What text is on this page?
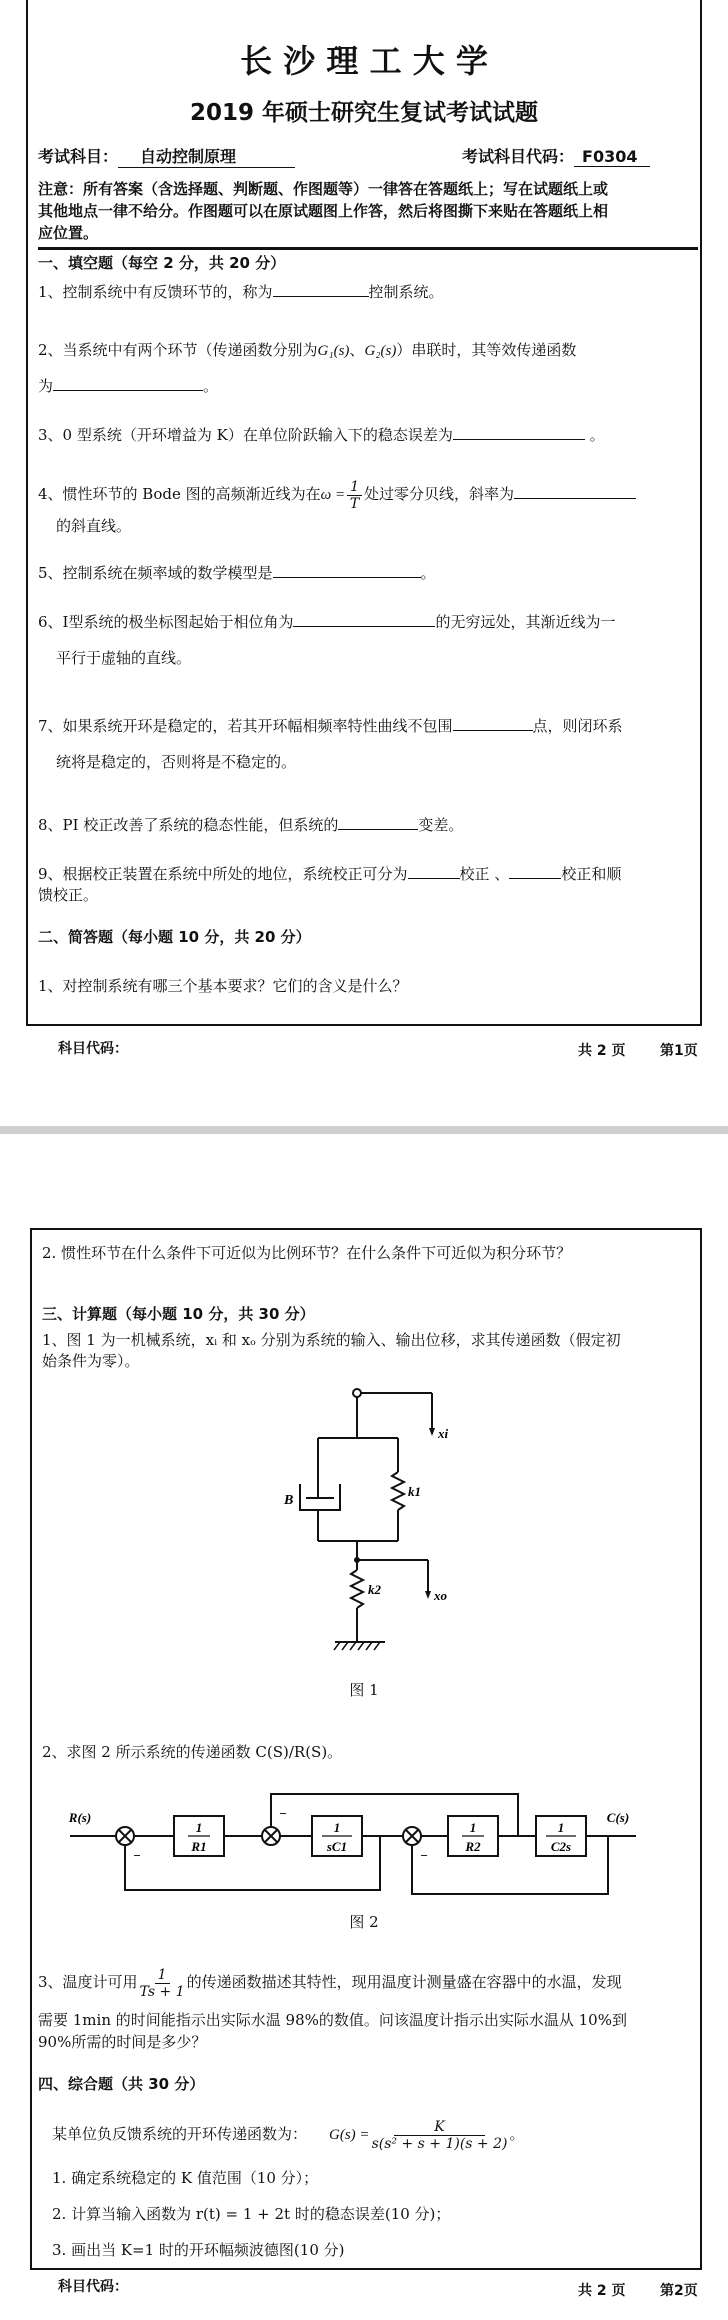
长 沙 理 工 大 学
2019 年硕士研究生复试考试试题
考试科目： 自动控制原理	考试科目代码： F0304
注意：所有答案（含选择题、判断题、作图题等）一律答在答题纸上；写在试题纸上或
其他地点一律不给分。作图题可以在原试题图上作答，然后将图撕下来贴在答题纸上相
应位置。
一、填空题（每空 2 分，共 20 分）
1、控制系统中有反馈环节的，称为	控制系统。
2、当系统中有两个环节（传递函数分别为G₁(s)、G₂(s)）串联时，其等效传递函数
为	。
3、0 型系统（开环增益为 K）在单位阶跃输入下的稳态误差为	。
4、惯性环节的 Bode 图的高频渐近线为在$\omega = \frac{1}{T}$ 处过零分贝线，斜率为
的斜直线。
5、控制系统在频率域的数学模型是	。
6、Ⅰ型系统的极坐标图起始于相位角为	的无穷远处，其渐近线为一
平行于虚轴的直线。
7、如果系统开环是稳定的，若其开环幅相频率特性曲线不包围	点，则闭环系
统将是稳定的，否则将是不稳定的。
8、PI 校正改善了系统的稳态性能，但系统的	变差。
9、根据校正装置在系统中所处的地位，系统校正可分为	校正 、	校正和顺
馈校正。
二、简答题（每小题 10 分，共 20 分）
1、对控制系统有哪三个基本要求？它们的含义是什么？
科目代码：	共 2 页 第1页
2. 惯性环节在什么条件下可近似为比例环节？在什么条件下可近似为积分环节？
三、计算题（每小题 10 分，共 30 分）
1、图 1 为一机械系统，xᵢ 和 xₒ 分别为系统的输入、输出位移，求其传递函数（假定初
始条件为零）。
xi
xo
B
k1
k2
图 1
2、求图 2 所示系统的传递函数 C(S)/R(S)。
R(s)	C(s)
1
R1
1
sC1
1
R2
1
C2s
−
−
−
图 2
3、温度计可用 $\frac{1}{Ts + 1}$ 的传递函数描述其特性，现用温度计测量盛在容器中的水温，发现
需要 1min 的时间能指示出实际水温 98%的数值。问该温度计指示出实际水温从 10%到
90%所需的时间是多少？
四、综合题（共 30 分）
某单位负反馈系统的开环传递函数为： $G(s) = \frac{K}{\text{s(s² + s + 1)(s + 2)}}$ 。
1. 确定系统稳定的 K 值范围（10 分）；
2. 计算当输入函数为 r(t) = 1 + 2t 时的稳态误差(10 分)；
3. 画出当 K=1 时的开环幅频波德图(10 分)
科目代码：	共 2 页 第2页
